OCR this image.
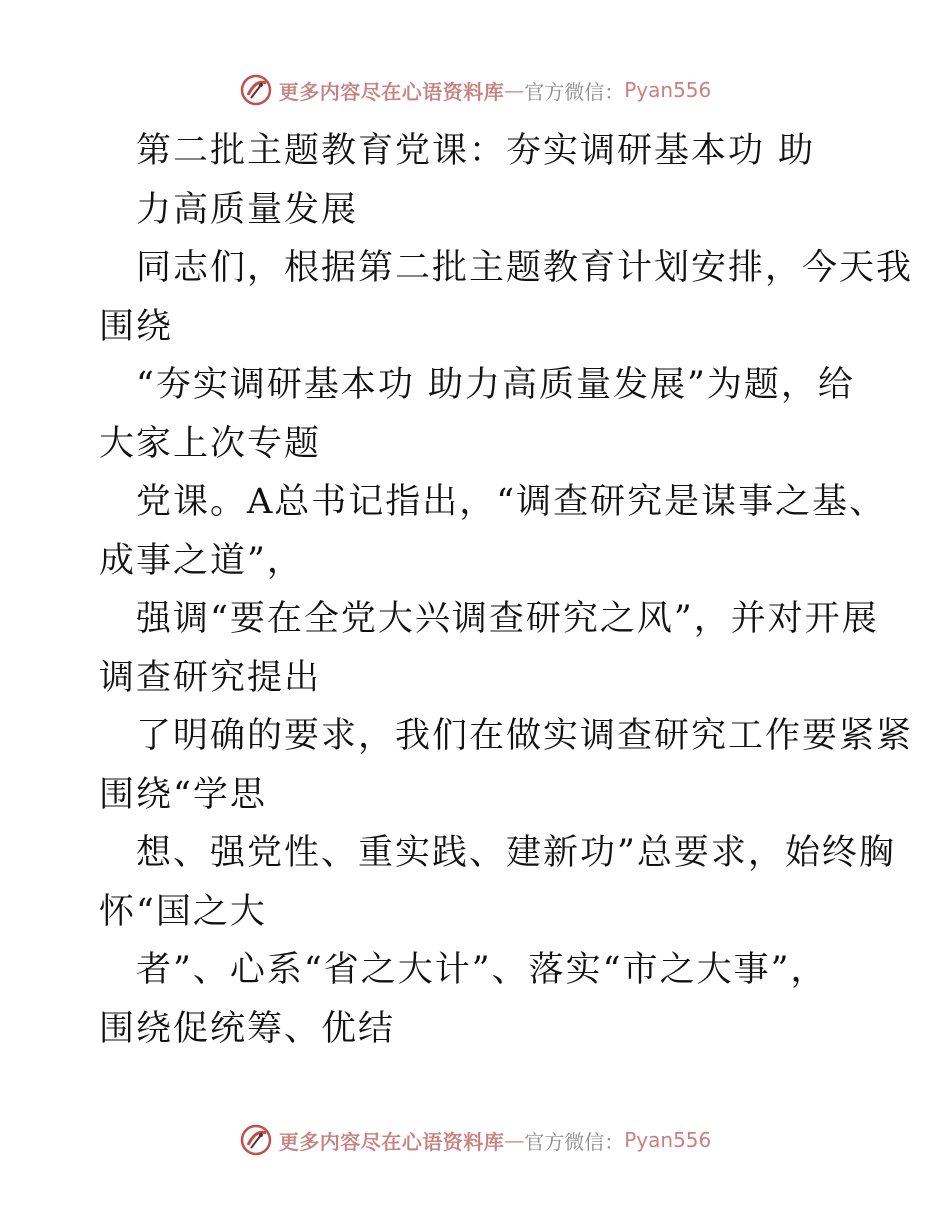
更多内容尽在心语资料库 — 官方微信： Pyan556
第二批主题教育党课：夯实调研基本功 助
力高质量发展
同志们，根据第二批主题教育计划安排，今天我
围绕
“夯实调研基本功 助力高质量发展”为题，给
大家上次专题
党课。A总书记指出，“调查研究是谋事之基、
成事之道”，
强调“要在全党大兴调查研究之风”，并对开展
调查研究提出
了明确的要求，我们在做实调查研究工作要紧紧
围绕“学思
想、强党性、重实践、建新功”总要求，始终胸
怀“国之大
者”、心系“省之大计”、落实“市之大事”，
围绕促统筹、优结
更多内容尽在心语资料库 — 官方微信： Pyan556
